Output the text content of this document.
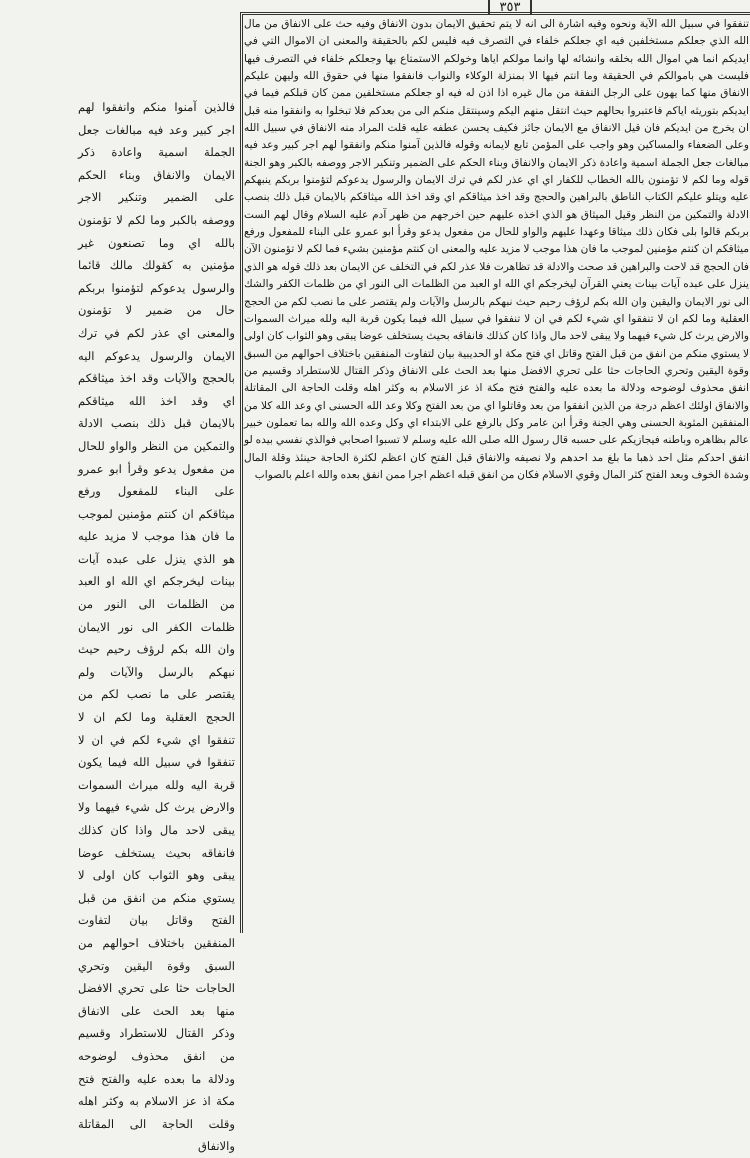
٣٥٣

تنفقوا في سبيل الله الآية ونحوه وفيه اشارة الى انه لا يتم تحقيق الايمان بدون الانفاق وفيه حث على الانفاق من مال الله الذي جعلكم مستخلفين فيه اي جعلكم خلفاء في التصرف فيه فليس لكم بالحقيقة والمعنى ان الاموال التي في ايديكم انما هي اموال الله بخلقه وانشائه لها وانما مولكم اياها وخولكم الاستمتاع بها وجعلكم خلفاء في التصرف فيها فليست هي باموالكم في الحقيقة وما انتم فيها الا بمنزلة الوكلاء والنواب فانفقوا منها في حقوق الله وليهن عليكم الانفاق منها كما يهون على الرجل النفقة من مال غيره اذا اذن له فيه او جعلكم مستخلفين ممن كان قبلكم فيما في ايديكم بتوريثه اياكم فاعتبروا بحالهم حيث انتقل منهم اليكم وسينتقل منكم الى من بعدكم فلا تبخلوا به وانفقوا منه قبل ان يخرج من ايديكم فان قيل الانفاق مع الايمان جائز فكيف يحسن عطفه عليه قلت المراد منه الانفاق في سبيل الله وعلى الضعفاء والمساكين وهو واجب على المؤمن تابع لايمانه وقوله فالذين آمنوا منكم وانفقوا لهم اجر كبير وعد فيه مبالغات جعل الجملة اسمية واعادة ذكر الايمان والانفاق وبناء الحكم على الضمير وتنكير الاجر ووصفه بالكبر وهو الجنة قوله وما لكم لا تؤمنون بالله الخطاب للكفار اي اي عذر لكم في ترك الايمان والرسول يدعوكم لتؤمنوا بربكم ينبهكم عليه ويتلو عليكم الكتاب الناطق بالبراهين والحجج وقد اخذ ميثاقكم اي وقد اخذ الله ميثاقكم بالايمان قبل ذلك بنصب الادلة والتمكين من النظر وقيل الميثاق هو الذي اخذه عليهم حين اخرجهم من ظهر آدم عليه السلام وقال لهم الست بربكم قالوا بلى فكان ذلك ميثاقا وعهدا عليهم والواو للحال من مفعول يدعو وقرأ ابو عمرو على البناء للمفعول ورفع ميثاقكم ان كنتم مؤمنين لموجب ما فان هذا موجب لا مزيد عليه والمعنى ان كنتم مؤمنين بشيء فما لكم لا تؤمنون الآن فان الحجج قد لاحت والبراهين قد صحت والادلة قد تظاهرت فلا عذر لكم في التخلف عن الايمان بعد ذلك قوله هو الذي ينزل على عبده آيات بينات يعني القرآن ليخرجكم اي الله او العبد من الظلمات الى النور اي من ظلمات الكفر والشك الى نور الايمان واليقين وان الله بكم لرؤف رحيم حيث نبهكم بالرسل والآيات ولم يقتصر على ما نصب لكم من الحجج العقلية وما لكم ان لا تنفقوا اي شيء لكم في ان لا تنفقوا في سبيل الله فيما يكون قربة اليه ولله ميراث السموات والارض يرث كل شيء فيهما ولا يبقى لاحد مال واذا كان كذلك فانفاقه بحيث يستخلف عوضا يبقى وهو الثواب كان اولى لا يستوي منكم من انفق من قبل الفتح وقاتل اي فتح مكة او الحديبية بيان لتفاوت المنفقين باختلاف احوالهم من السبق وقوة اليقين وتحري الحاجات حثا على تحري الافضل منها بعد الحث على الانفاق وذكر القتال للاستطراد وقسيم من انفق محذوف لوضوحه ودلالة ما بعده عليه والفتح فتح مكة اذ عز الاسلام به وكثر اهله وقلت الحاجة الى المقاتلة والانفاق اولئك اعظم درجة من الذين انفقوا من بعد وقاتلوا اي من بعد الفتح وكلا وعد الله الحسنى اي وعد الله كلا من المنفقين المثوبة الحسنى وهي الجنة وقرأ ابن عامر وكل بالرفع على الابتداء اي وكل وعده الله والله بما تعملون خبير عالم بظاهره وباطنه فيجازيكم على حسبه قال رسول الله صلى الله عليه وسلم لا تسبوا اصحابي فوالذي نفسي بيده لو انفق احدكم مثل احد ذهبا ما بلغ مد احدهم ولا نصيفه والانفاق قبل الفتح كان اعظم لكثرة الحاجة حينئذ وقلة المال وشدة الخوف وبعد الفتح كثر المال وقوي الاسلام فكان من انفق قبله اعظم اجرا ممن انفق بعده والله اعلم بالصواب

فالذين آمنوا منكم وانفقوا لهم اجر كبير وعد فيه مبالغات جعل الجملة اسمية واعادة ذكر الايمان والانفاق وبناء الحكم على الضمير وتنكير الاجر ووصفه بالكبر وما لكم لا تؤمنون بالله اي وما تصنعون غير مؤمنين به كقولك مالك قائما والرسول يدعوكم لتؤمنوا بربكم حال من ضمير لا تؤمنون والمعنى اي عذر لكم في ترك الايمان والرسول يدعوكم اليه بالحجج والآيات وقد اخذ ميثاقكم اي وقد اخذ الله ميثاقكم بالايمان قبل ذلك بنصب الادلة والتمكين من النظر والواو للحال من مفعول يدعو وقرأ ابو عمرو على البناء للمفعول ورفع ميثاقكم ان كنتم مؤمنين لموجب ما فان هذا موجب لا مزيد عليه هو الذي ينزل على عبده آيات بينات ليخرجكم اي الله او العبد من الظلمات الى النور من ظلمات الكفر الى نور الايمان وان الله بكم لرؤف رحيم حيث نبهكم بالرسل والآيات ولم يقتصر على ما نصب لكم من الحجج العقلية وما لكم ان لا تنفقوا اي شيء لكم في ان لا تنفقوا في سبيل الله فيما يكون قربة اليه ولله ميراث السموات والارض يرث كل شيء فيهما ولا يبقى لاحد مال واذا كان كذلك فانفاقه بحيث يستخلف عوضا يبقى وهو الثواب كان اولى لا يستوي منكم من انفق من قبل الفتح وقاتل بيان لتفاوت المنفقين باختلاف احوالهم من السبق وقوة اليقين وتحري الحاجات حثا على تحري الافضل منها بعد الحث على الانفاق وذكر القتال للاستطراد وقسيم من انفق محذوف لوضوحه ودلالة ما بعده عليه والفتح فتح مكة اذ عز الاسلام به وكثر اهله وقلت الحاجة الى المقاتلة والانفاق
